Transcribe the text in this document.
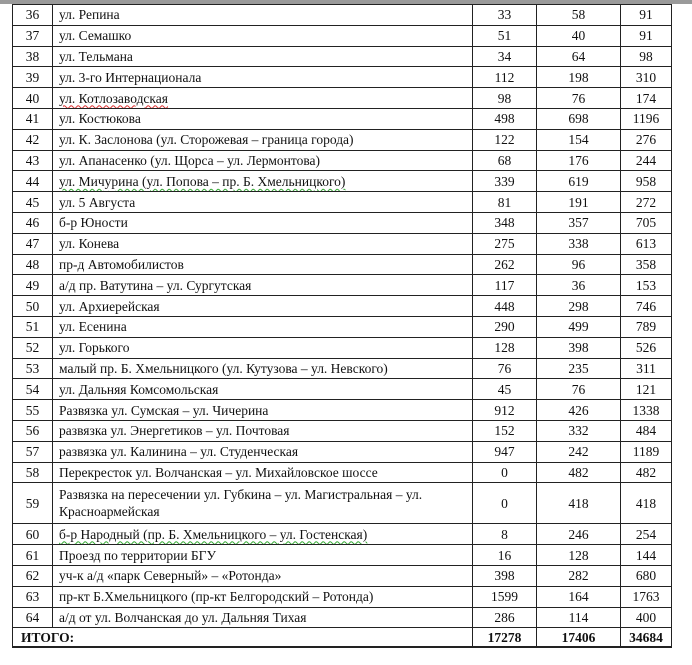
36	ул. Репина	33	58	91
37	ул. Семашко	51	40	91
38	ул. Тельмана	34	64	98
39	ул. 3-го Интернационала	112	198	310
40	ул. Котлозаводская	98	76	174
41	ул. Костюкова	498	698	1196
42	ул. К. Заслонова (ул. Сторожевая – граница города)	122	154	276
43	ул. Апанасенко (ул. Щорса – ул. Лермонтова)	68	176	244
44	ул. Мичурина (ул. Попова – пр. Б. Хмельницкого)	339	619	958
45	ул. 5 Августа	81	191	272
46	б-р Юности	348	357	705
47	ул. Конева	275	338	613
48	пр-д Автомобилистов	262	96	358
49	а/д пр. Ватутина – ул. Сургутская	117	36	153
50	ул. Архиерейская	448	298	746
51	ул. Есенина	290	499	789
52	ул. Горького	128	398	526
53	малый пр. Б. Хмельницкого (ул. Кутузова – ул. Невского)	76	235	311
54	ул. Дальняя Комсомольская	45	76	121
55	Развязка ул. Сумская – ул. Чичерина	912	426	1338
56	развязка ул. Энергетиков – ул. Почтовая	152	332	484
57	развязка ул. Калинина – ул. Студенческая	947	242	1189
58	Перекресток ул. Волчанская – ул. Михайловское шоссе	0	482	482
59	Развязка на пересечении ул. Губкина – ул. Магистральная – ул. Красноармейская	0	418	418
60	б-р Народный (пр. Б. Хмельницкого – ул. Гостенская)	8	246	254
61	Проезд по территории БГУ	16	128	144
62	уч-к а/д «парк Северный» – «Ротонда»	398	282	680
63	пр-кт Б.Хмельницкого (пр-кт Белгородский – Ротонда)	1599	164	1763
64	а/д от ул. Волчанская до ул. Дальняя Тихая	286	114	400
ИТОГО:		17278	17406	34684
